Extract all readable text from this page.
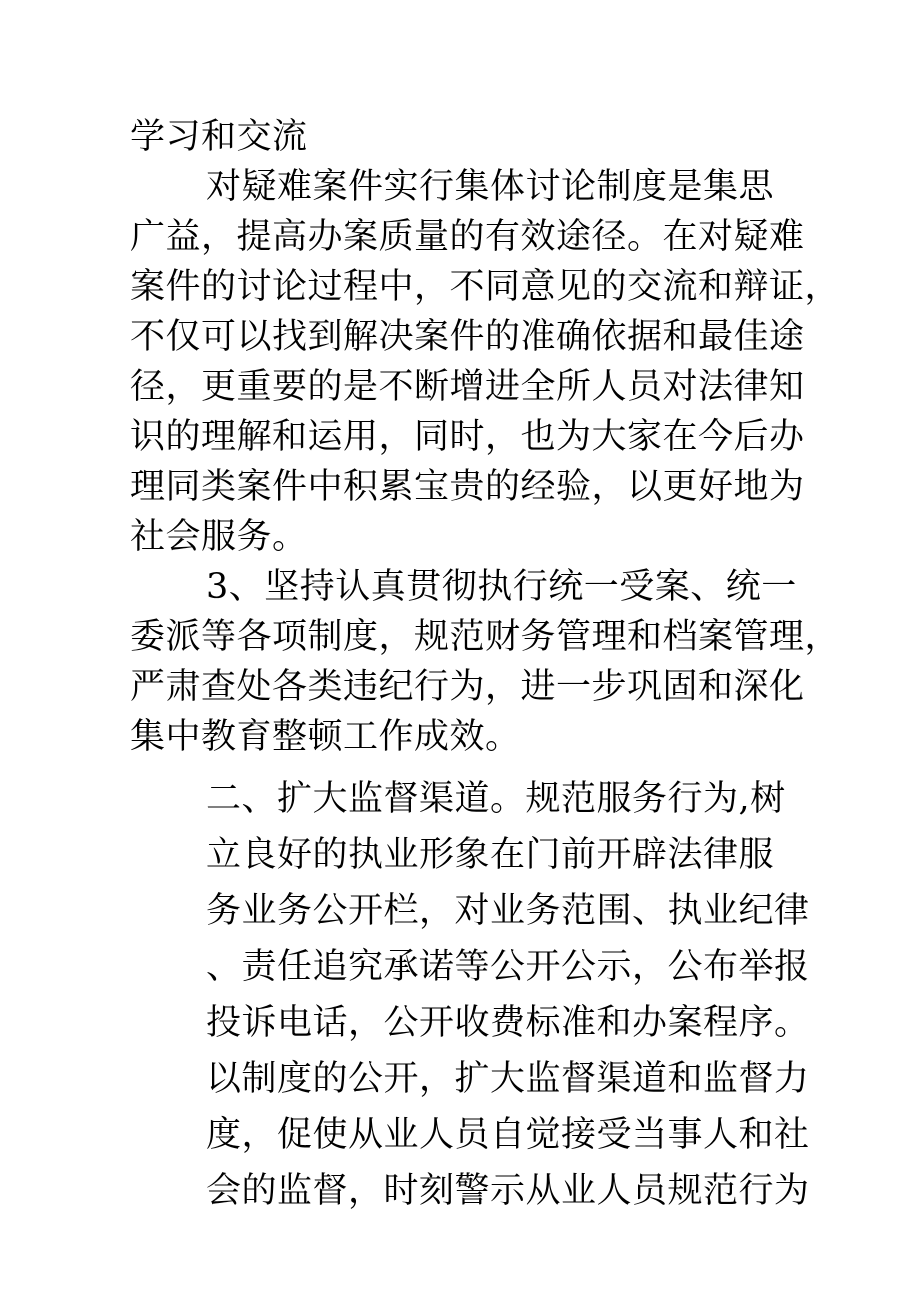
学习和交流
对疑难案件实行集体讨论制度是集思
广益，提高办案质量的有效途径。在对疑难
案件的讨论过程中，不同意见的交流和辩证，
不仅可以找到解决案件的准确依据和最佳途
径，更重要的是不断增进全所人员对法律知
识的理解和运用，同时，也为大家在今后办
理同类案件中积累宝贵的经验，以更好地为
社会服务。
3、坚持认真贯彻执行统一受案、统一
委派等各项制度，规范财务管理和档案管理，
严肃查处各类违纪行为，进一步巩固和深化
集中教育整顿工作成效。
二、扩大监督渠道。规范服务行为,树
立良好的执业形象在门前开辟法律服
务业务公开栏，对业务范围、执业纪律
、责任追究承诺等公开公示，公布举报
投诉电话，公开收费标准和办案程序。
以制度的公开，扩大监督渠道和监督力
度，促使从业人员自觉接受当事人和社
会的监督，时刻警示从业人员规范行为
